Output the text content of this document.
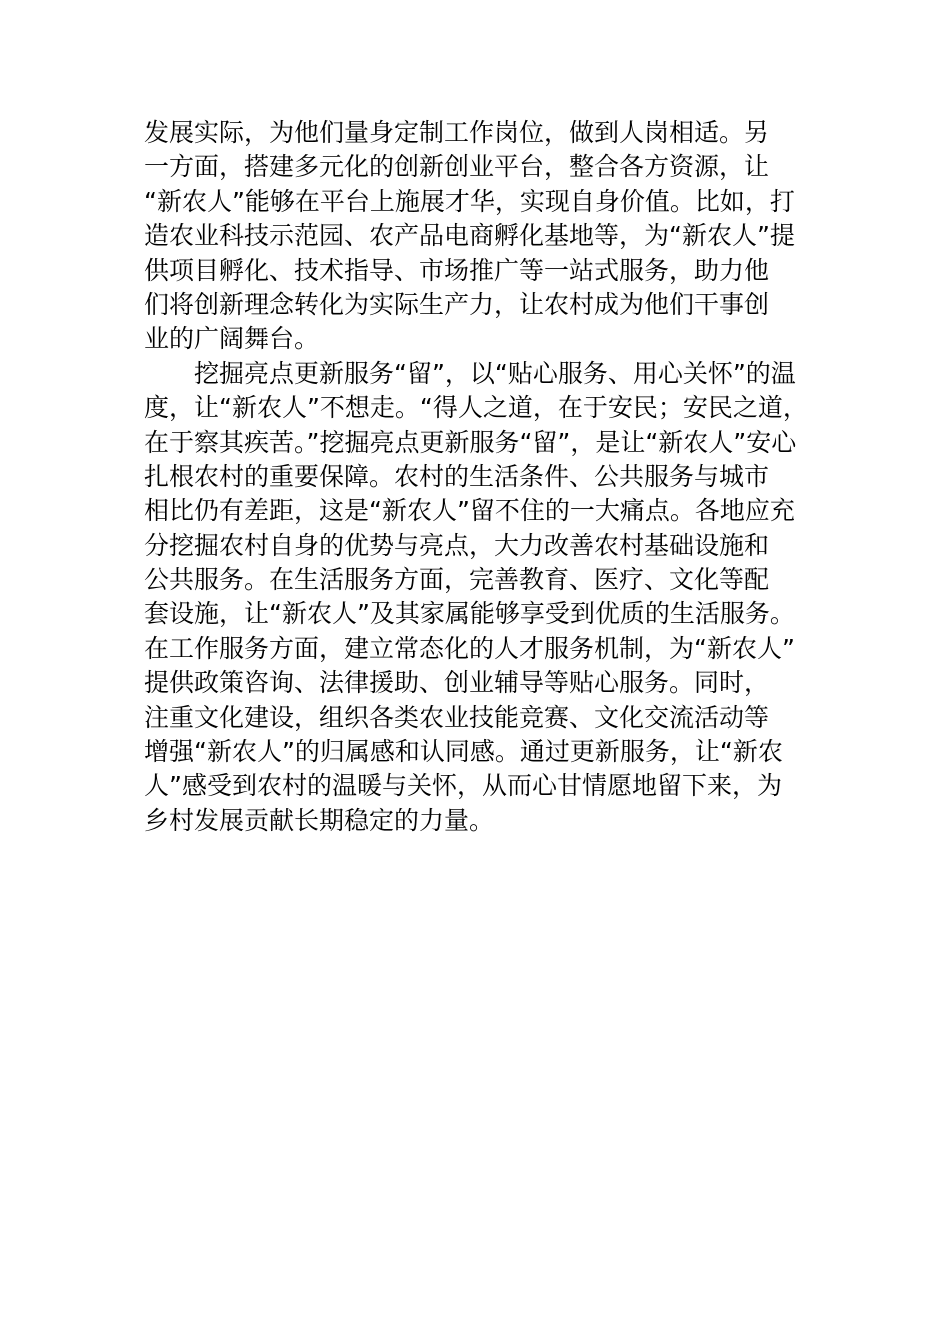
发展实际，为他们量身定制工作岗位，做到人岗相适。另
一方面，搭建多元化的创新创业平台，整合各方资源，让
“新农人”能够在平台上施展才华，实现自身价值。比如，打
造农业科技示范园、农产品电商孵化基地等，为“新农人”提
供项目孵化、技术指导、市场推广等一站式服务，助力他
们将创新理念转化为实际生产力，让农村成为他们干事创
业的广阔舞台。
　　挖掘亮点更新服务“留”，以“贴心服务、用心关怀”的温
度，让“新农人”不想走。“得人之道，在于安民；安民之道，
在于察其疾苦。”挖掘亮点更新服务“留”，是让“新农人”安心
扎根农村的重要保障。农村的生活条件、公共服务与城市
相比仍有差距，这是“新农人”留不住的一大痛点。各地应充
分挖掘农村自身的优势与亮点，大力改善农村基础设施和
公共服务。在生活服务方面，完善教育、医疗、文化等配
套设施，让“新农人”及其家属能够享受到优质的生活服务。
在工作服务方面，建立常态化的人才服务机制，为“新农人”
提供政策咨询、法律援助、创业辅导等贴心服务。同时，
注重文化建设，组织各类农业技能竞赛、文化交流活动等
增强“新农人”的归属感和认同感。通过更新服务，让“新农
人”感受到农村的温暖与关怀，从而心甘情愿地留下来，为
乡村发展贡献长期稳定的力量。
